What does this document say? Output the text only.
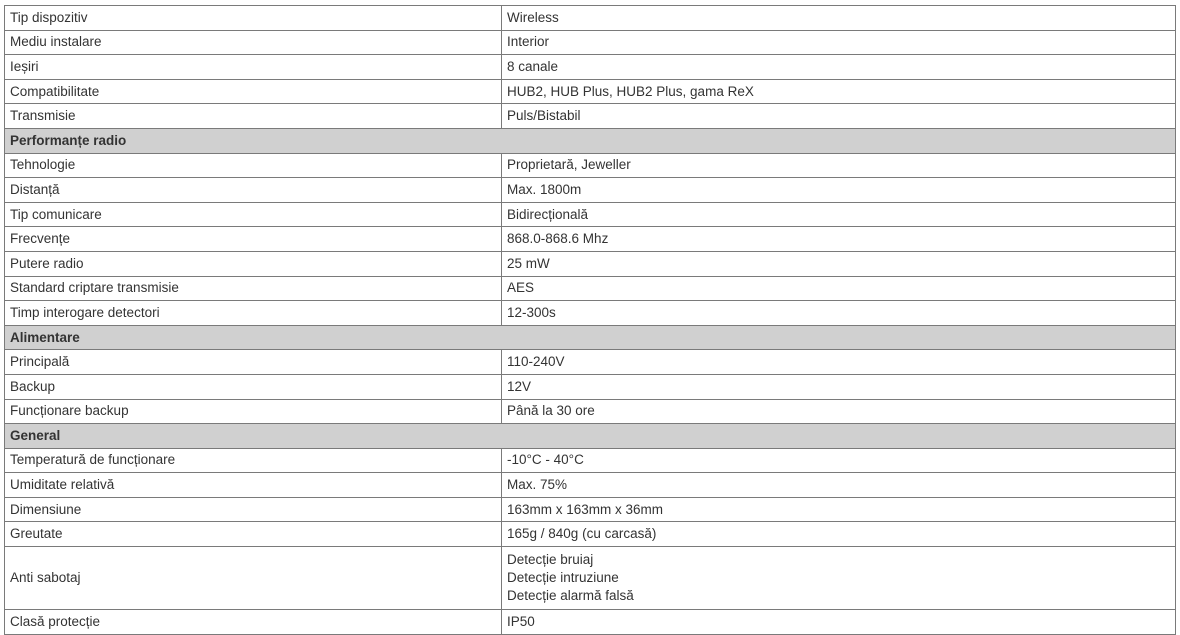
Tip dispozitiv	Wireless

Mediu instalare	Interior

Ieșiri	8 canale

Compatibilitate	HUB2, HUB Plus, HUB2 Plus, gama ReX

Transmisie	Puls/Bistabil

Performanțe radio	
Tehnologie	Proprietară, Jeweller

Distanță	Max. 1800m

Tip comunicare	Bidirecțională

Frecvențe	868.0-868.6 Mhz

Putere radio	25 mW

Standard criptare transmisie	AES

Timp interogare detectori	12-300s

Alimentare	
Principală	110-240V

Backup	12V

Funcționare backup	Până la 30 ore

General	
Temperatură de funcționare	-10°C - 40°C

Umiditate relativă	Max. 75%

Dimensiune	163mm x 163mm x 36mm

Greutate	165g / 840g (cu carcasă)

Anti sabotaj	Detecție bruiaj
Detecție intruziune
Detecție alarmă falsă

Clasă protecție	IP50
